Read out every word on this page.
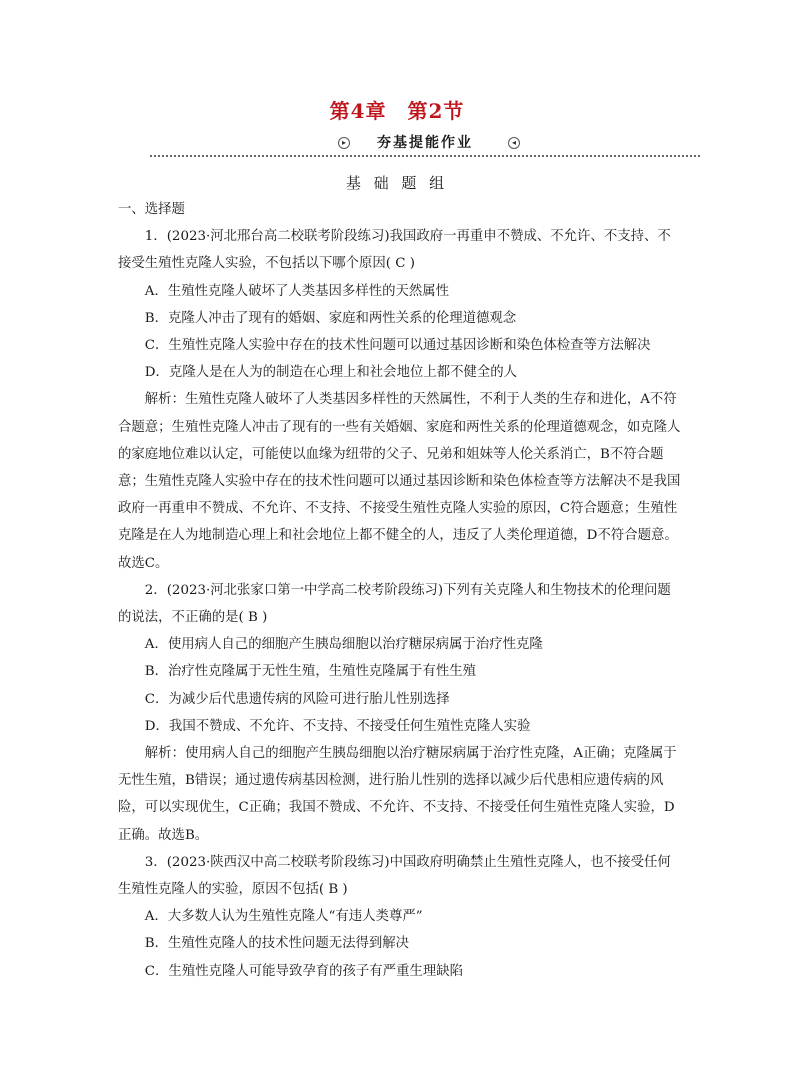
第4章　第2节
▸	夯基提能作业	◂
基 础 题 组

一、选择题

1．(2023·河北邢台高二校联考阶段练习)我国政府一再重申不赞成、不允许、不支持、不接受生殖性克隆人实验，不包括以下哪个原因( C )

A．生殖性克隆人破坏了人类基因多样性的天然属性

B．克隆人冲击了现有的婚姻、家庭和两性关系的伦理道德观念

C．生殖性克隆人实验中存在的技术性问题可以通过基因诊断和染色体检查等方法解决

D．克隆人是在人为的制造在心理上和社会地位上都不健全的人

解析：生殖性克隆人破坏了人类基因多样性的天然属性，不利于人类的生存和进化，A不符合题意；生殖性克隆人冲击了现有的一些有关婚姻、家庭和两性关系的伦理道德观念，如克隆人的家庭地位难以认定，可能使以血缘为纽带的父子、兄弟和姐妹等人伦关系消亡，B不符合题意；生殖性克隆人实验中存在的技术性问题可以通过基因诊断和染色体检查等方法解决不是我国政府一再重申不赞成、不允许、不支持、不接受生殖性克隆人实验的原因，C符合题意；生殖性克隆是在人为地制造心理上和社会地位上都不健全的人，违反了人类伦理道德，D不符合题意。故选C。

2．(2023·河北张家口第一中学高二校考阶段练习)下列有关克隆人和生物技术的伦理问题的说法，不正确的是( B )

A．使用病人自己的细胞产生胰岛细胞以治疗糖尿病属于治疗性克隆

B．治疗性克隆属于无性生殖，生殖性克隆属于有性生殖

C．为减少后代患遗传病的风险可进行胎儿性别选择

D．我国不赞成、不允许、不支持、不接受任何生殖性克隆人实验

解析：使用病人自己的细胞产生胰岛细胞以治疗糖尿病属于治疗性克隆，A正确；克隆属于无性生殖，B错误；通过遗传病基因检测，进行胎儿性别的选择以减少后代患相应遗传病的风险，可以实现优生，C正确；我国不赞成、不允许、不支持、不接受任何生殖性克隆人实验，D正确。故选B。

3．(2023·陕西汉中高二校联考阶段练习)中国政府明确禁止生殖性克隆人，也不接受任何生殖性克隆人的实验，原因不包括( B )

A．大多数人认为生殖性克隆人“有违人类尊严”

B．生殖性克隆人的技术性问题无法得到解决

C．生殖性克隆人可能导致孕育的孩子有严重生理缺陷
